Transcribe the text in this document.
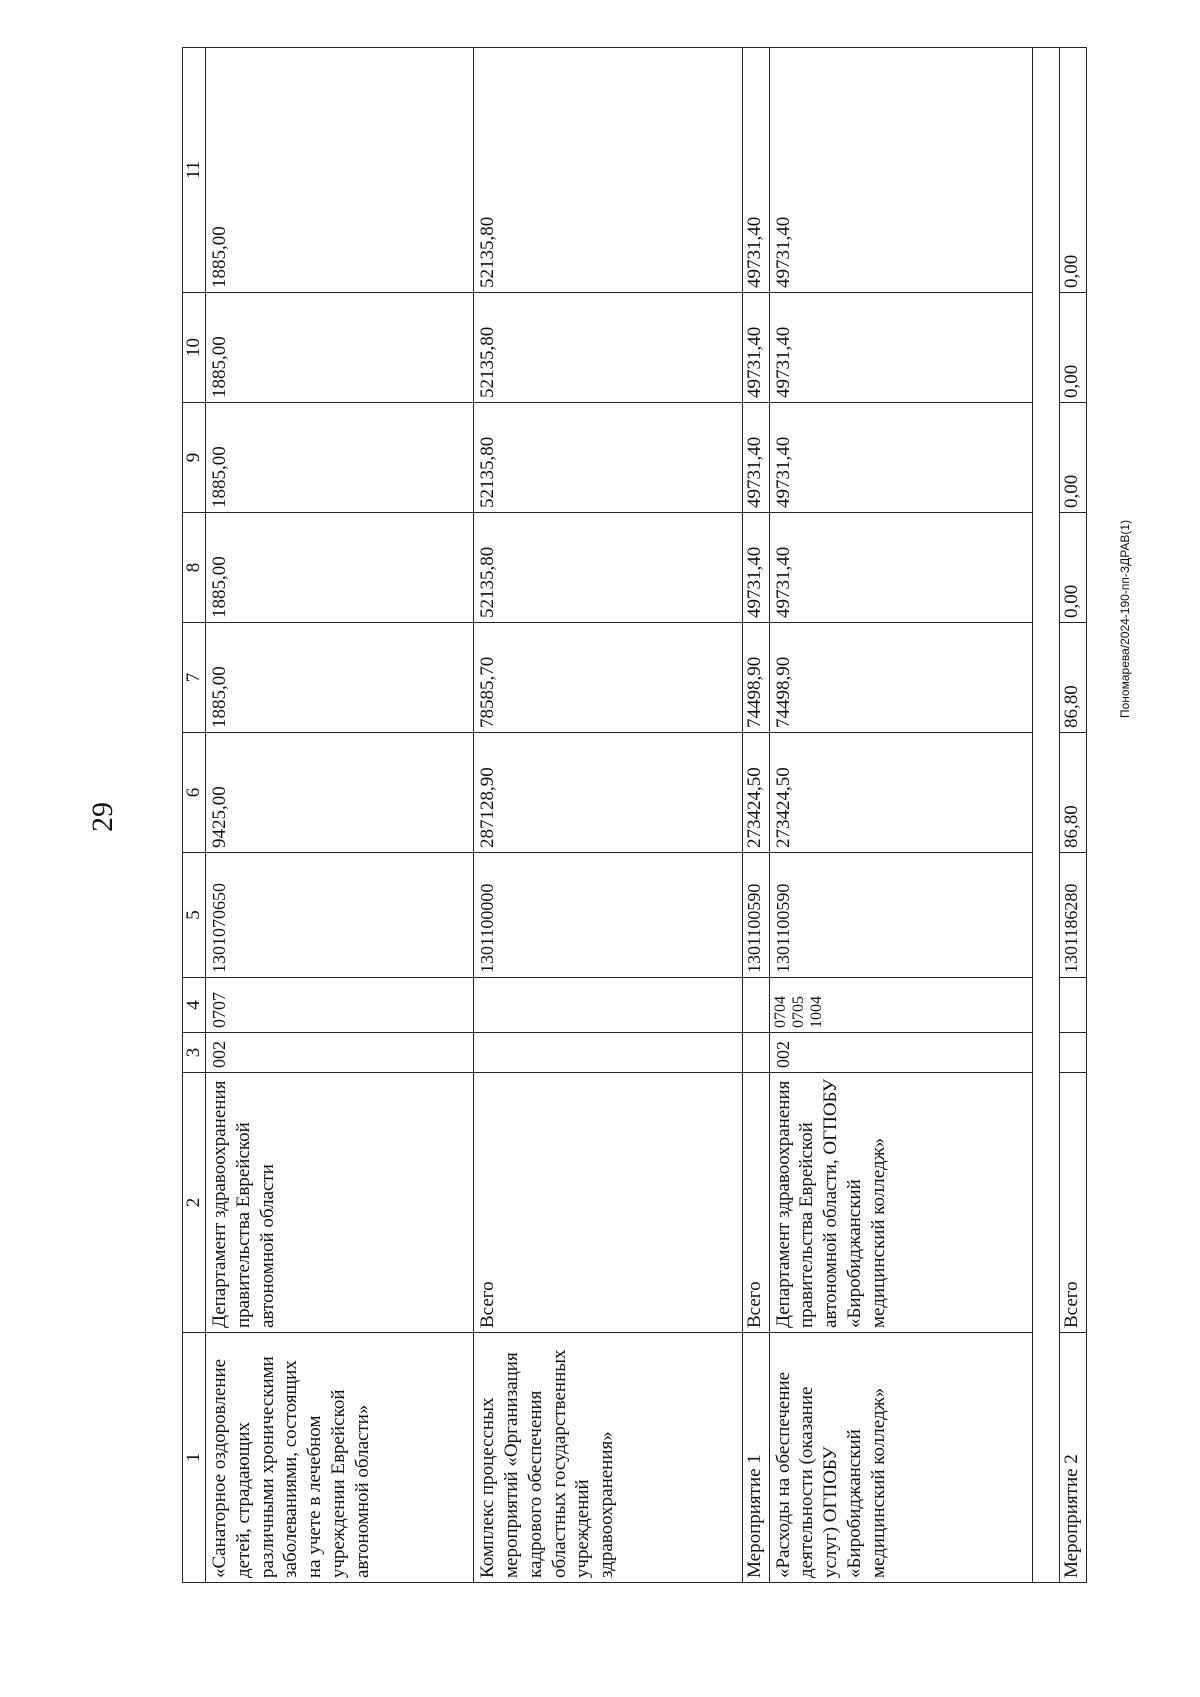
29
Пономарева/2024-190-пп-ЗДРАВ(1)
1	2	3	4	5	6	7	8	9	10	11
«Санаторное оздоровление детей, страдающих различными хроническими заболеваниями, состоящих на учете в лечебном учреждении Еврейской автономной области»	Департамент здравоохранения правительства Еврейской автономной области	002	0707	1301070650	9425,00	1885,00	1885,00	1885,00	1885,00	1885,00
Комплекс процессных мероприятий «Организация кадрового обеспечения областных государственных учреждений здравоохранения»	Всего			1301100000	287128,90	78585,70	52135,80	52135,80	52135,80	52135,80
Мероприятие 1	Всего			1301100590	273424,50	74498,90	49731,40	49731,40	49731,40	49731,40
«Расходы на обеспечение деятельности (оказание услуг) ОГПОБУ «Биробиджанский медицинский колледж»	Департамент здравоохранения правительства Еврейской автономной области, ОГПОБУ «Биробиджанский медицинский колледж»	002	0704
0705
1004	1301100590	273424,50	74498,90	49731,40	49731,40	49731,40	49731,40

Мероприятие 2	Всего			1301186280	86,80	86,80	0,00	0,00	0,00	0,00
